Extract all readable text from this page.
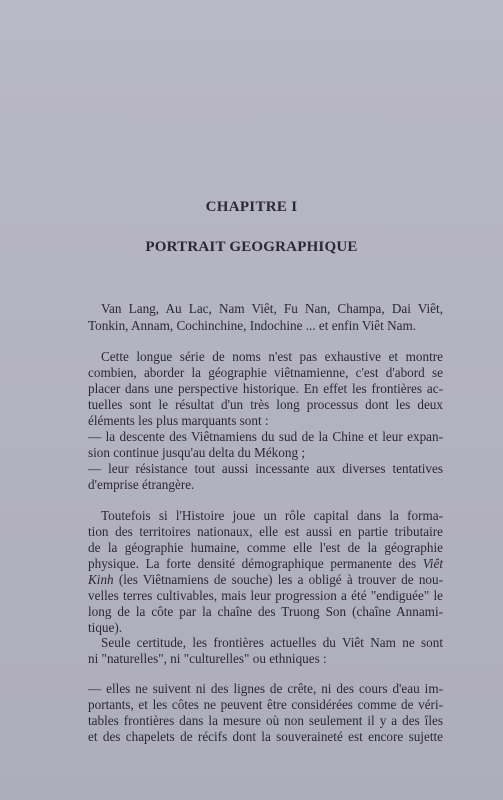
CHAPITRE I
PORTRAIT GEOGRAPHIQUE
Van Lang, Au Lac, Nam Viêt, Fu Nan, Champa, Dai Viêt,
Tonkin, Annam, Cochinchine, Indochine ... et enfin Viêt Nam.
Cette longue série de noms n'est pas exhaustive et montre
combien, aborder la géographie viêtnamienne, c'est d'abord se
placer dans une perspective historique. En effet les frontières ac-
tuelles sont le résultat d'un très long processus dont les deux
éléments les plus marquants sont :
— la descente des Viêtnamiens du sud de la Chine et leur expan-
sion continue jusqu'au delta du Mékong ;
— leur résistance tout aussi incessante aux diverses tentatives
d'emprise étrangère.
Toutefois si l'Histoire joue un rôle capital dans la forma-
tion des territoires nationaux, elle est aussi en partie tributaire
de la géographie humaine, comme elle l'est de la géographie
physique. La forte densité démographique permanente des Viêt
Kinh (les Viêtnamiens de souche) les a obligé à trouver de nou-
velles terres cultivables, mais leur progression a été "endiguée" le
long de la côte par la chaîne des Truong Son (chaîne Annami-
tique).
Seule certitude, les frontières actuelles du Viêt Nam ne sont
ni "naturelles", ni "culturelles" ou ethniques :
— elles ne suivent ni des lignes de crête, ni des cours d'eau im-
portants, et les côtes ne peuvent être considérées comme de véri-
tables frontières dans la mesure où non seulement il y a des îles
et des chapelets de récifs dont la souveraineté est encore sujette
